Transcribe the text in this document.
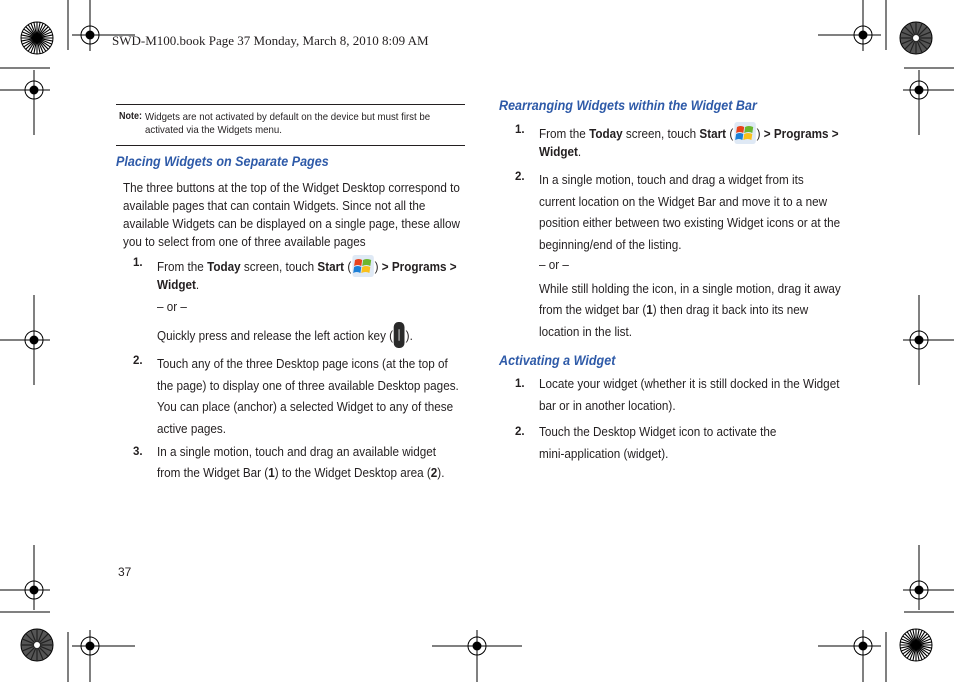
SWD-M100.book Page 37 Monday, March 8, 2010 8:09 AM
Note: Widgets are not activated by default on the device but must first be
activated via the Widgets menu.
Placing Widgets on Separate Pages
The three buttons at the top of the Widget Desktop correspond to
available pages that can contain Widgets. Since not all the
available Widgets can be displayed on a single page, these allow
you to select from one of three available pages
1. From the Today screen, touch Start ( ) > Programs >
Widget.
– or –
Quickly press and release the left action key ( ).
2. Touch any of the three Desktop page icons (at the top of
the page) to display one of three available Desktop pages.
You can place (anchor) a selected Widget to any of these
active pages.
3. In a single motion, touch and drag an available widget
from the Widget Bar (1) to the Widget Desktop area (2).
Rearranging Widgets within the Widget Bar
1. From the Today screen, touch Start ( ) > Programs >
Widget.
2. In a single motion, touch and drag a widget from its
current location on the Widget Bar and move it to a new
position either between two existing Widget icons or at the
beginning/end of the listing.
– or –
While still holding the icon, in a single motion, drag it away
from the widget bar (1) then drag it back into its new
location in the list.
Activating a Widget
1. Locate your widget (whether it is still docked in the Widget
bar or in another location).
2. Touch the Desktop Widget icon to activate the
mini-application (widget).
37
